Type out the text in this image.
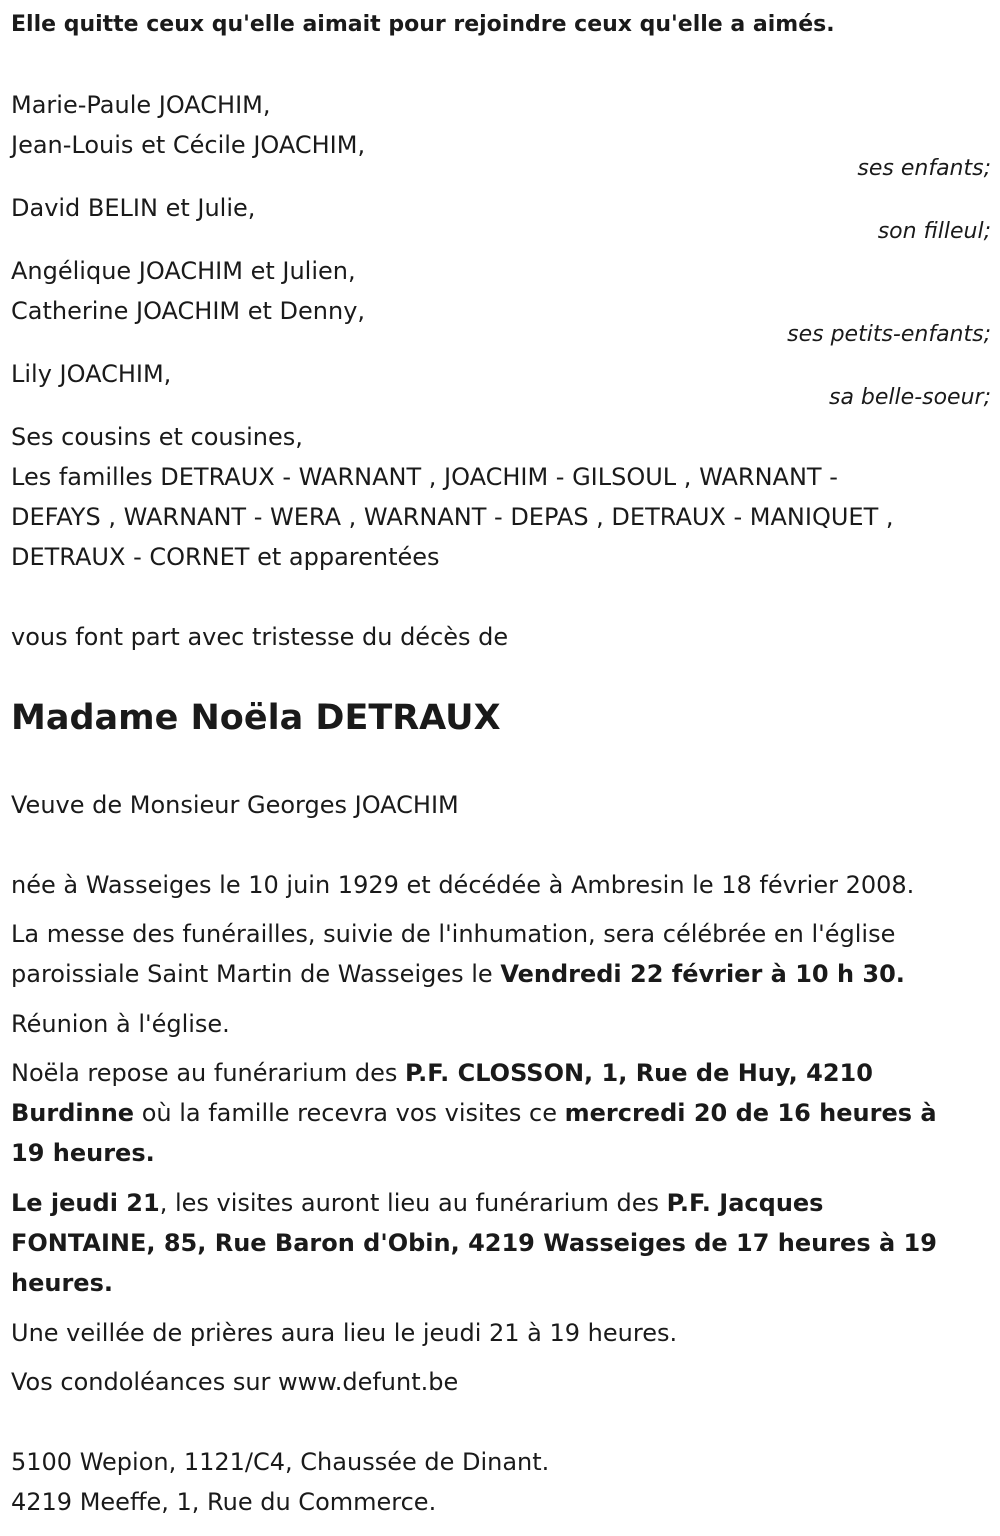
Elle quitte ceux qu'elle aimait pour rejoindre ceux qu'elle a aimés.
Marie-Paule JOACHIM,
Jean-Louis et Cécile JOACHIM,
ses enfants;
David BELIN et Julie,
son filleul;
Angélique JOACHIM et Julien,
Catherine JOACHIM et Denny,
ses petits-enfants;
Lily JOACHIM,
sa belle-soeur;
Ses cousins et cousines,
Les familles DETRAUX - WARNANT , JOACHIM - GILSOUL , WARNANT -
DEFAYS , WARNANT - WERA , WARNANT - DEPAS , DETRAUX - MANIQUET ,
DETRAUX - CORNET et apparentées
vous font part avec tristesse du décès de
Madame Noëla DETRAUX
Veuve de Monsieur Georges JOACHIM
née à Wasseiges le 10 juin 1929 et décédée à Ambresin le 18 février 2008.
La messe des funérailles, suivie de l'inhumation, sera célébrée en l'église
paroissiale Saint Martin de Wasseiges le Vendredi 22 février à 10 h 30.
Réunion à l'église.
Noëla repose au funérarium des P.F. CLOSSON, 1, Rue de Huy, 4210
Burdinne où la famille recevra vos visites ce mercredi 20 de 16 heures à
19 heures.
Le jeudi 21, les visites auront lieu au funérarium des P.F. Jacques
FONTAINE, 85, Rue Baron d'Obin, 4219 Wasseiges de 17 heures à 19
heures.
Une veillée de prières aura lieu le jeudi 21 à 19 heures.
Vos condoléances sur www.defunt.be
5100 Wepion, 1121/C4, Chaussée de Dinant.
4219 Meeffe, 1, Rue du Commerce.
